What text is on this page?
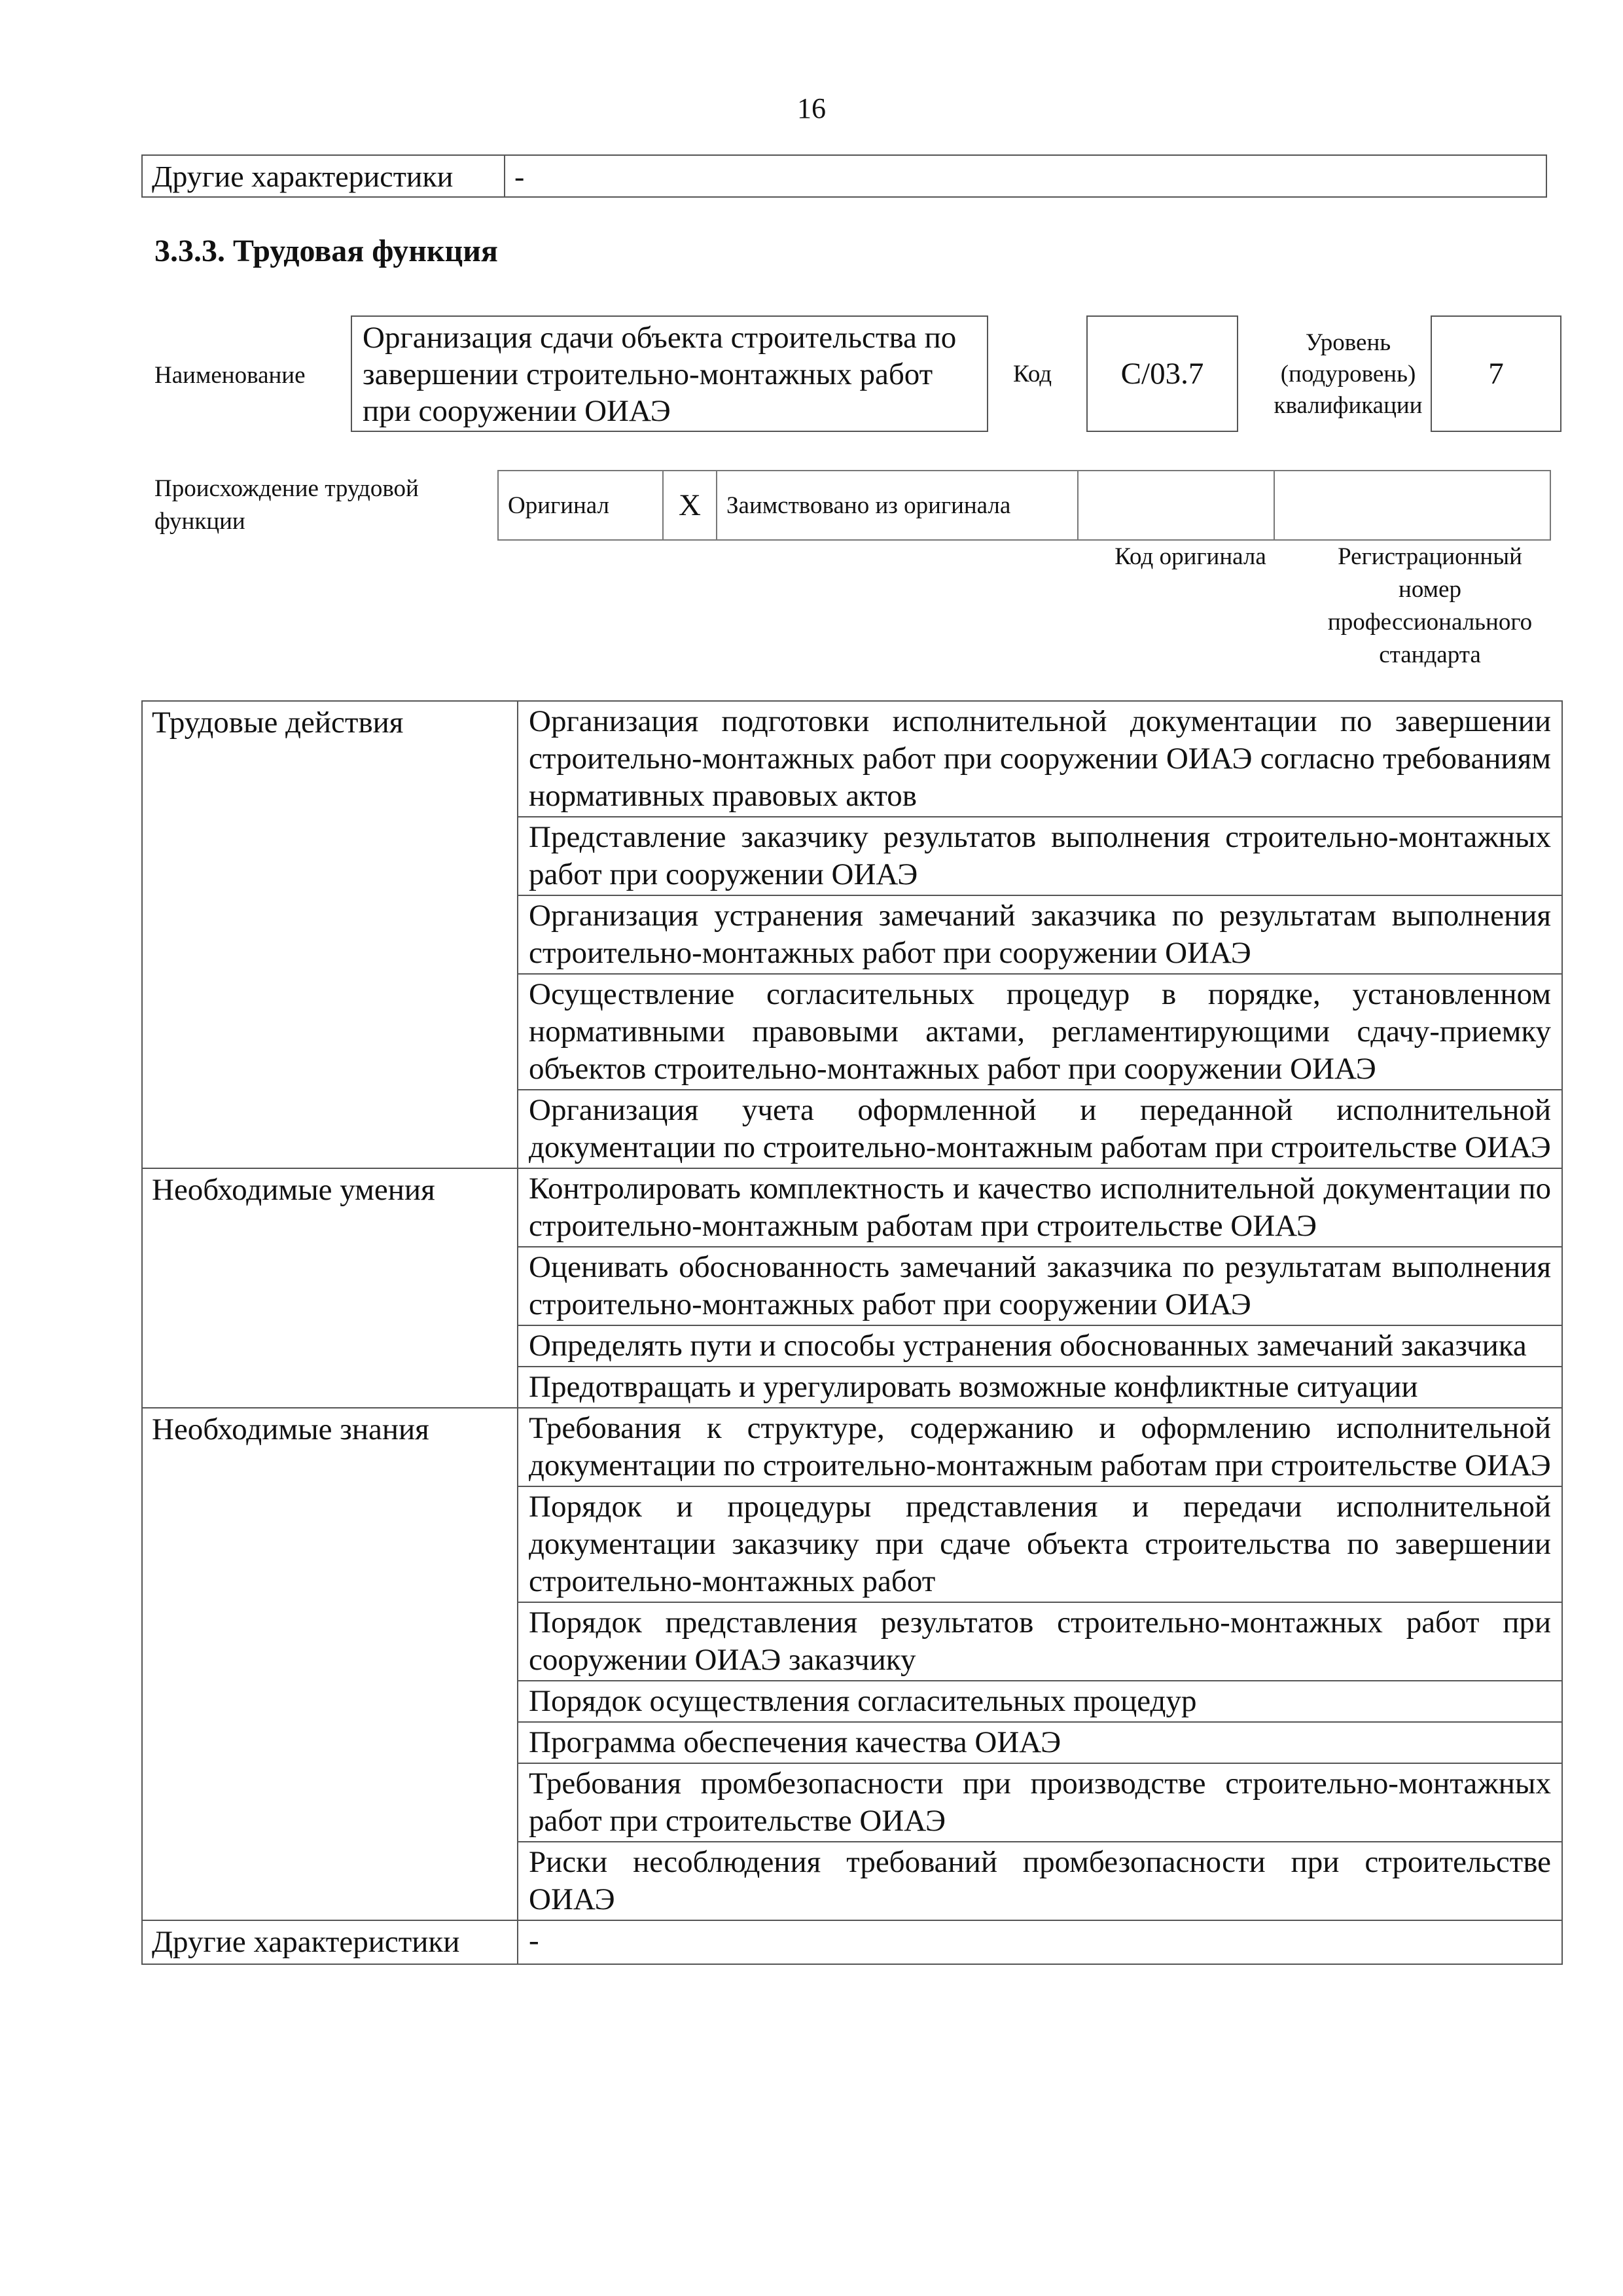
16
Другие характеристики	-
3.3.3. Трудовая функция
Наименование
Организация сдачи объекта строительства по завершении строительно-монтажных работ при сооружении ОИАЭ
Код	С/03.7
Уровень
(подуровень)
квалификации
7
Происхождение трудовой функции
Оригинал	X	Заимствовано из оригинала		
Код оригинала	Регистрационный номер профессионального стандарта
Трудовые действия	Организация подготовки исполнительной документации по завершении строительно-монтажных работ при сооружении ОИАЭ согласно требованиям нормативных правовых актов
	Представление заказчику результатов выполнения строительно-монтажных работ при сооружении ОИАЭ
	Организация устранения замечаний заказчика по результатам выполнения строительно-монтажных работ при сооружении ОИАЭ
	Осуществление согласительных процедур в порядке, установленном нормативными правовыми актами, регламентирующими сдачу-приемку объектов строительно-монтажных работ при сооружении ОИАЭ
	Организация учета оформленной и переданной исполнительной документации по строительно-монтажным работам при строительстве ОИАЭ
Необходимые умения	Контролировать комплектность и качество исполнительной документации по строительно-монтажным работам при строительстве ОИАЭ
	Оценивать обоснованность замечаний заказчика по результатам выполнения строительно-монтажных работ при сооружении ОИАЭ
	Определять пути и способы устранения обоснованных замечаний заказчика
	Предотвращать и урегулировать возможные конфликтные ситуации
Необходимые знания	Требования к структуре, содержанию и оформлению исполнительной документации по строительно-монтажным работам при строительстве ОИАЭ
	Порядок и процедуры представления и передачи исполнительной документации заказчику при сдаче объекта строительства по завершении строительно-монтажных работ
	Порядок представления результатов строительно-монтажных работ при сооружении ОИАЭ заказчику
	Порядок осуществления согласительных процедур
	Программа обеспечения качества ОИАЭ
	Требования промбезопасности при производстве строительно-монтажных работ при строительстве ОИАЭ
	Риски несоблюдения требований промбезопасности при строительстве ОИАЭ
Другие характеристики	-
